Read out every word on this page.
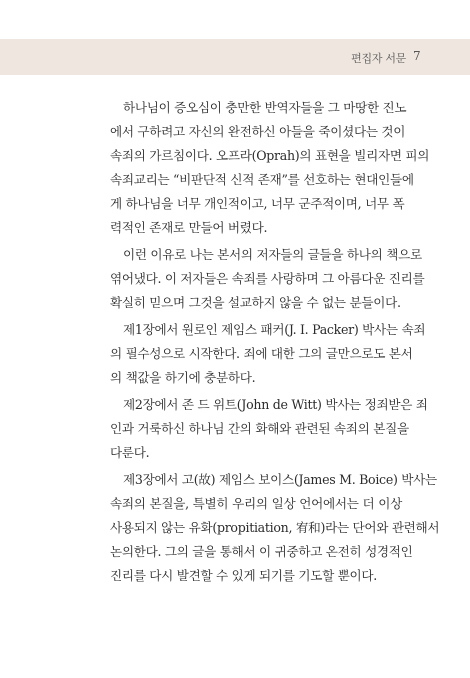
편집자 서문 7
하나님이 증오심이 충만한 반역자들을 그 마땅한 진노
에서 구하려고 자신의 완전하신 아들을 죽이셨다는 것이
속죄의 가르침이다. 오프라(Oprah)의 표현을 빌리자면 피의
속죄교리는 “비판단적 신적 존재”를 선호하는 현대인들에
게 하나님을 너무 개인적이고, 너무 군주적이며, 너무 폭
력적인 존재로 만들어 버렸다.
이런 이유로 나는 본서의 저자들의 글들을 하나의 책으로
엮어냈다. 이 저자들은 속죄를 사랑하며 그 아름다운 진리를
확실히 믿으며 그것을 설교하지 않을 수 없는 분들이다.
제1장에서 원로인 제임스 패커(J. I. Packer) 박사는 속죄
의 필수성으로 시작한다. 죄에 대한 그의 글만으로도 본서
의 책값을 하기에 충분하다.
제2장에서 존 드 위트(John de Witt) 박사는 정죄받은 죄
인과 거룩하신 하나님 간의 화해와 관련된 속죄의 본질을
다룬다.
제3장에서 고(故) 제임스 보이스(James M. Boice) 박사는
속죄의 본질을, 특별히 우리의 일상 언어에서는 더 이상
사용되지 않는 유화(propitiation, 宥和)라는 단어와 관련해서
논의한다. 그의 글을 통해서 이 귀중하고 온전히 성경적인
진리를 다시 발견할 수 있게 되기를 기도할 뿐이다.
